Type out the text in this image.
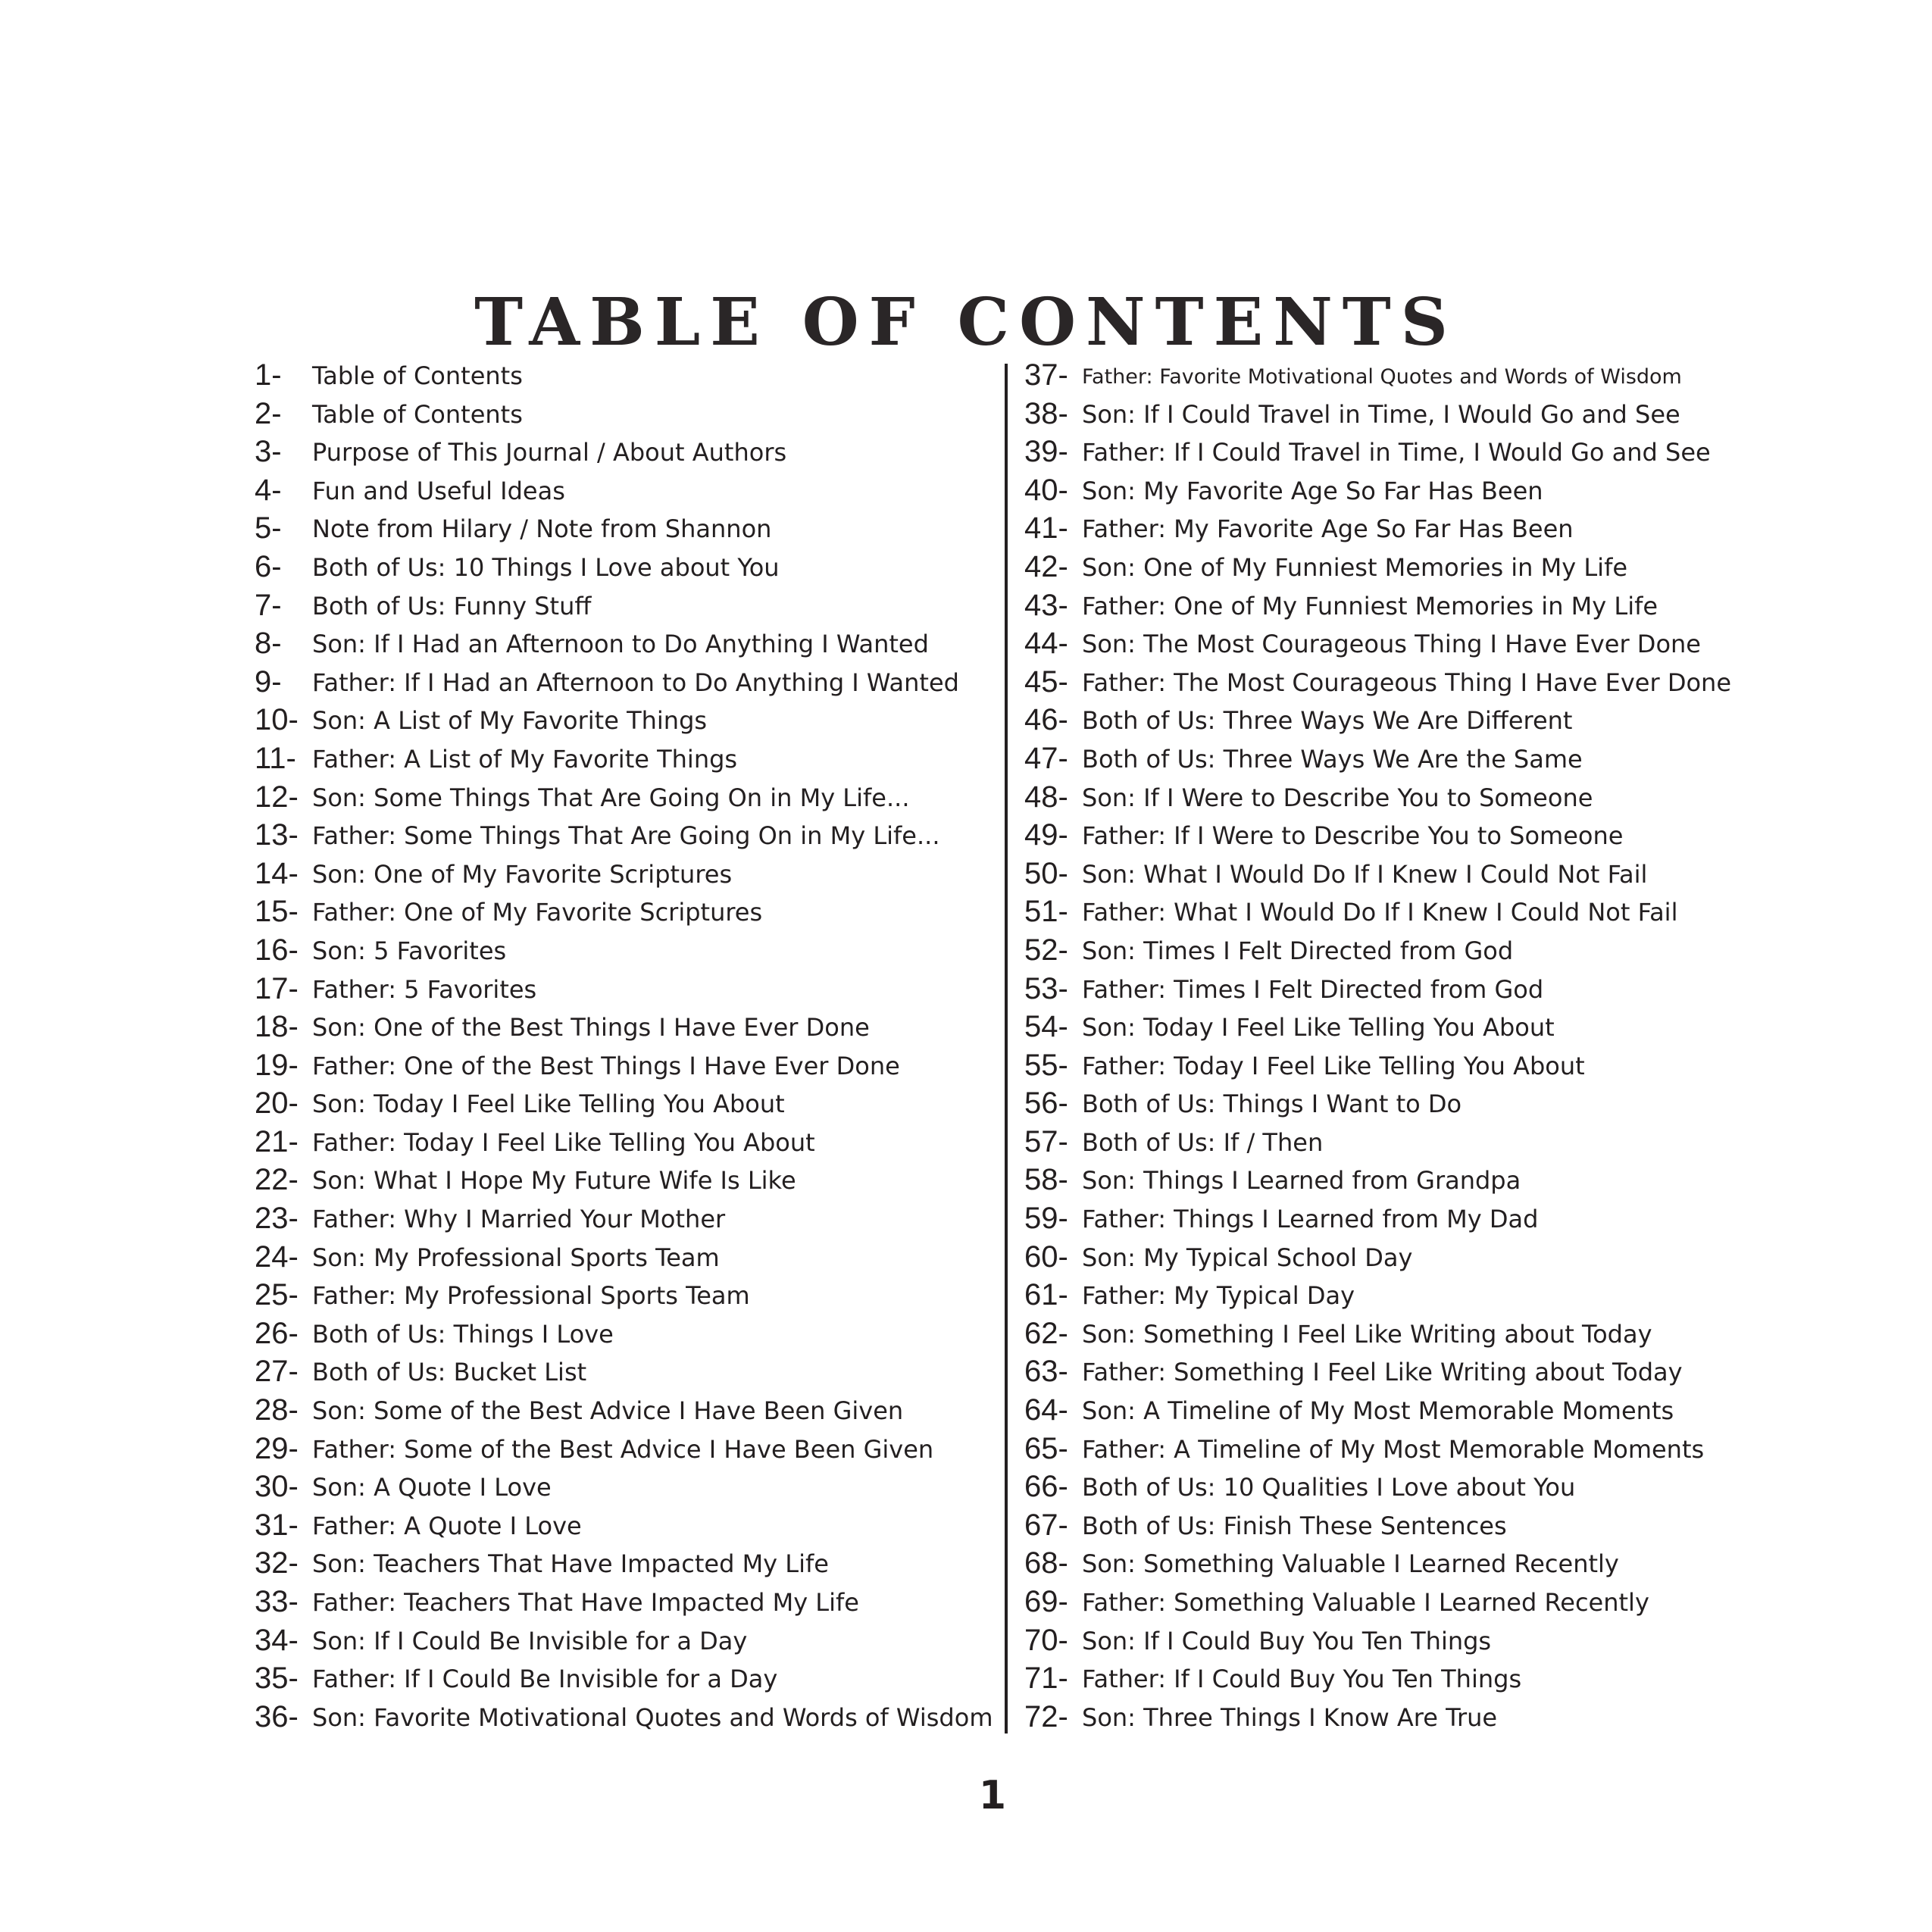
TABLE OF CONTENTS
1- Table of Contents
2- Table of Contents
3- Purpose of This Journal / About Authors
4- Fun and Useful Ideas
5- Note from Hilary / Note from Shannon
6- Both of Us: 10 Things I Love about You
7- Both of Us: Funny Stuff
8- Son: If I Had an Afternoon to Do Anything I Wanted
9- Father: If I Had an Afternoon to Do Anything I Wanted
10- Son: A List of My Favorite Things
11- Father: A List of My Favorite Things
12- Son: Some Things That Are Going On in My Life...
13- Father: Some Things That Are Going On in My Life...
14- Son: One of My Favorite Scriptures
15- Father: One of My Favorite Scriptures
16- Son: 5 Favorites
17- Father: 5 Favorites
18- Son: One of the Best Things I Have Ever Done
19- Father: One of the Best Things I Have Ever Done
20- Son: Today I Feel Like Telling You About
21- Father: Today I Feel Like Telling You About
22- Son: What I Hope My Future Wife Is Like
23- Father: Why I Married Your Mother
24- Son: My Professional Sports Team
25- Father: My Professional Sports Team
26- Both of Us: Things I Love
27- Both of Us: Bucket List
28- Son: Some of the Best Advice I Have Been Given
29- Father: Some of the Best Advice I Have Been Given
30- Son: A Quote I Love
31- Father: A Quote I Love
32- Son: Teachers That Have Impacted My Life
33- Father: Teachers That Have Impacted My Life
34- Son: If I Could Be Invisible for a Day
35- Father: If I Could Be Invisible for a Day
36- Son: Favorite Motivational Quotes and Words of Wisdom
37- Father: Favorite Motivational Quotes and Words of Wisdom
38- Son: If I Could Travel in Time, I Would Go and See
39- Father: If I Could Travel in Time, I Would Go and See
40- Son: My Favorite Age So Far Has Been
41- Father: My Favorite Age So Far Has Been
42- Son: One of My Funniest Memories in My Life
43- Father: One of My Funniest Memories in My Life
44- Son: The Most Courageous Thing I Have Ever Done
45- Father: The Most Courageous Thing I Have Ever Done
46- Both of Us: Three Ways We Are Different
47- Both of Us: Three Ways We Are the Same
48- Son: If I Were to Describe You to Someone
49- Father: If I Were to Describe You to Someone
50- Son: What I Would Do If I Knew I Could Not Fail
51- Father: What I Would Do If I Knew I Could Not Fail
52- Son: Times I Felt Directed from God
53- Father: Times I Felt Directed from God
54- Son: Today I Feel Like Telling You About
55- Father: Today I Feel Like Telling You About
56- Both of Us: Things I Want to Do
57- Both of Us: If / Then
58- Son: Things I Learned from Grandpa
59- Father: Things I Learned from My Dad
60- Son: My Typical School Day
61- Father: My Typical Day
62- Son: Something I Feel Like Writing about Today
63- Father: Something I Feel Like Writing about Today
64- Son: A Timeline of My Most Memorable Moments
65- Father: A Timeline of My Most Memorable Moments
66- Both of Us: 10 Qualities I Love about You
67- Both of Us: Finish These Sentences
68- Son: Something Valuable I Learned Recently
69- Father: Something Valuable I Learned Recently
70- Son: If I Could Buy You Ten Things
71- Father: If I Could Buy You Ten Things
72- Son: Three Things I Know Are True
1
